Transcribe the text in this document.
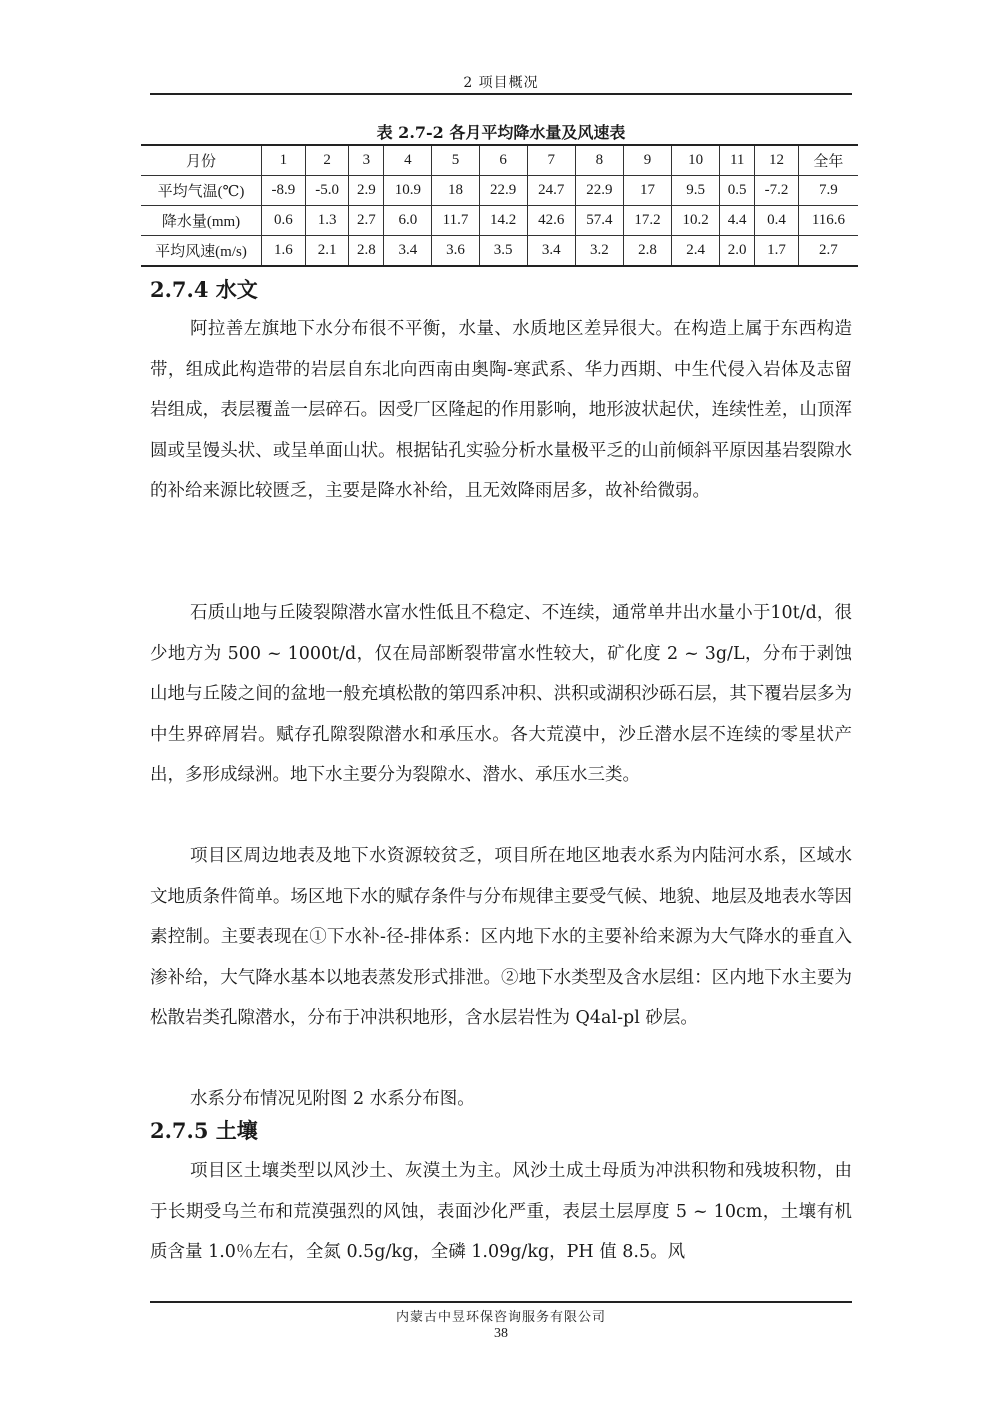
2 项目概况
表 2.7-2 各月平均降水量及风速表
月份	1	2	3	4	5	6	7	8	9	10	11	12	全年
平均气温(℃)	-8.9	-5.0	2.9	10.9	18	22.9	24.7	22.9	17	9.5	0.5	-7.2	7.9
降水量(mm)	0.6	1.3	2.7	6.0	11.7	14.2	42.6	57.4	17.2	10.2	4.4	0.4	116.6
平均风速(m/s)	1.6	2.1	2.8	3.4	3.6	3.5	3.4	3.2	2.8	2.4	2.0	1.7	2.7
2.7.4 水文

阿拉善左旗地下水分布很不平衡，水量、水质地区差异很大。在构造上属于东西构造带，组成此构造带的岩层自东北向西南由奥陶-寒武系、华力西期、中生代侵入岩体及志留岩组成，表层覆盖一层碎石。因受厂区隆起的作用影响，地形波状起伏，连续性差，山顶浑圆或呈馒头状、或呈单面山状。根据钻孔实验分析水量极平乏的山前倾斜平原因基岩裂隙水的补给来源比较匮乏，主要是降水补给，且无效降雨居多，故补给微弱。

石质山地与丘陵裂隙潜水富水性低且不稳定、不连续，通常单井出水量小于10t/d，很少地方为 500 ~ 1000t/d，仅在局部断裂带富水性较大，矿化度 2 ~ 3g/L，分布于剥蚀山地与丘陵之间的盆地一般充填松散的第四系冲积、洪积或湖积沙砾石层，其下覆岩层多为中生界碎屑岩。赋存孔隙裂隙潜水和承压水。各大荒漠中，沙丘潜水层不连续的零星状产出，多形成绿洲。地下水主要分为裂隙水、潜水、承压水三类。

项目区周边地表及地下水资源较贫乏，项目所在地区地表水系为内陆河水系，区域水文地质条件简单。场区地下水的赋存条件与分布规律主要受气候、地貌、地层及地表水等因素控制。主要表现在①下水补-径-排体系：区内地下水的主要补给来源为大气降水的垂直入渗补给，大气降水基本以地表蒸发形式排泄。②地下水类型及含水层组：区内地下水主要为松散岩类孔隙潜水，分布于冲洪积地形，含水层岩性为 Q4al-pl 砂层。

水系分布情况见附图 2 水系分布图。

2.7.5 土壤

项目区土壤类型以风沙土、灰漠土为主。风沙土成土母质为冲洪积物和残坡积物，由于长期受乌兰布和荒漠强烈的风蚀，表面沙化严重，表层土层厚度 5 ~ 10cm，土壤有机质含量 1.0％左右，全氮 0.5g/kg，全磷 1.09g/kg，PH 值 8.5。风

内蒙古中昱环保咨询服务有限公司
38
